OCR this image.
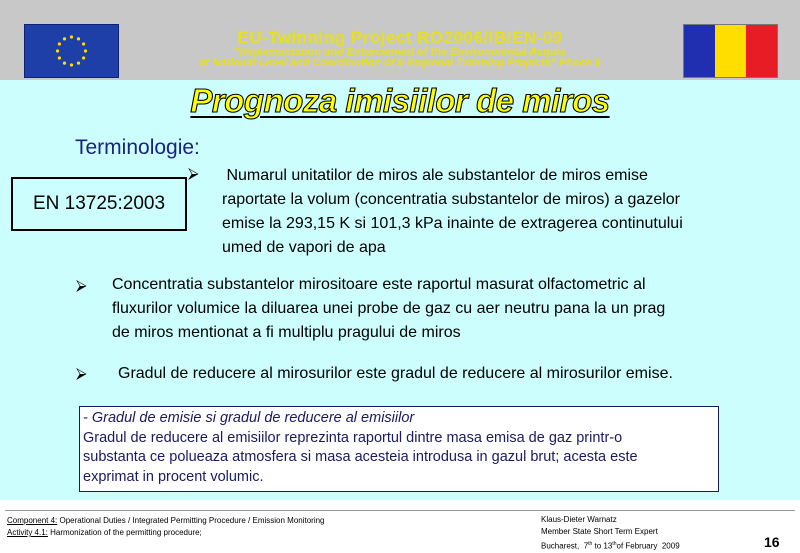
EU-Twinning Project RO2006/IB/EN-09
“Implementation and Enforcement of the Environmental Acquis
at National Level and Coordination of 8 Regional Twinning Projects” Phase II
Prognoza imisiilor de miros
Terminologie:
EN 13725:2003
⮚ Numarul unitatilor de miros ale substantelor de miros emise
raportate la volum (concentratia substantelor de miros) a gazelor
emise la 293,15 K si 101,3 kPa inainte de extragerea continutului
umed de vapori de apa
⮚ Concentratia substantelor mirositoare este raportul masurat olfactometric al
fluxurilor volumice la diluarea unei probe de gaz cu aer neutru pana la un prag
de miros mentionat a fi multiplu pragului de miros
⮚ Gradul de reducere al mirosurilor este gradul de reducere al mirosurilor emise.
- Gradul de emisie si gradul de reducere al emisiilor
Gradul de reducere al emisiilor reprezinta raportul dintre masa emisa de gaz printr-o
substanta ce polueaza atmosfera si masa acesteia introdusa in gazul brut; acesta este
exprimat in procent volumic.
Component 4: Operational Duties / Integrated Permitting Procedure / Emission Monitoring
Activity 4.1: Harmonization of the permitting procedure;
Klaus-Dieter Warnatz
Member State Short Term Expert
Bucharest,  7th to 13thof February  2009	16
